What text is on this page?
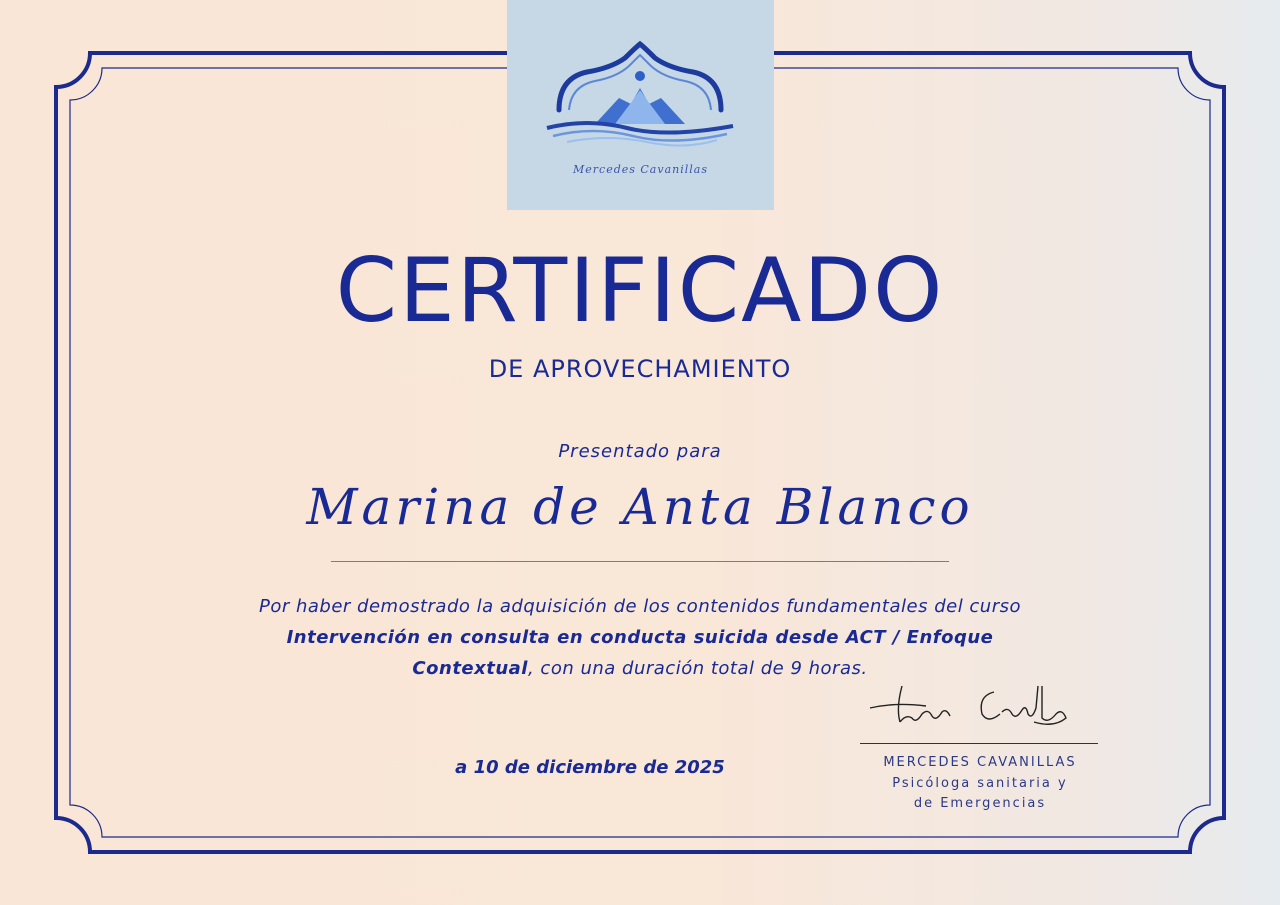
Mercedes Cavanillas
CERTIFICADO
DE APROVECHAMIENTO
Presentado para
Marina de Anta Blanco
Por haber demostrado la adquisición de los contenidos fundamentales del curso Intervención en consulta en conducta suicida desde ACT / Enfoque Contextual, con una duración total de 9 horas.
a 10 de diciembre de 2025	MERCEDES CAVANILLAS
Psicóloga sanitaria y
de Emergencias
